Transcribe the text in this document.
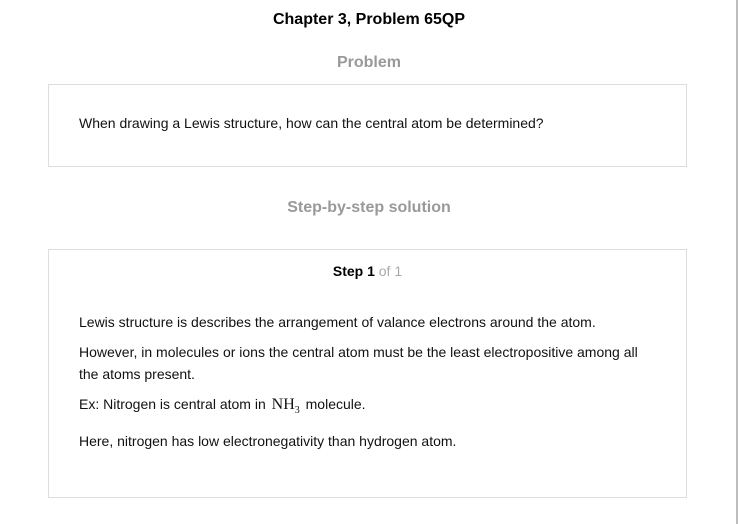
Chapter 3, Problem 65QP
Problem
When drawing a Lewis structure, how can the central atom be determined?
Step-by-step solution
Step 1 of 1

Lewis structure is describes the arrangement of valance electrons around the atom.

However, in molecules or ions the central atom must be the least electropositive among all the atoms present.

Ex: Nitrogen is central atom in $NH_3$ molecule.

Here, nitrogen has low electronegativity than hydrogen atom.
